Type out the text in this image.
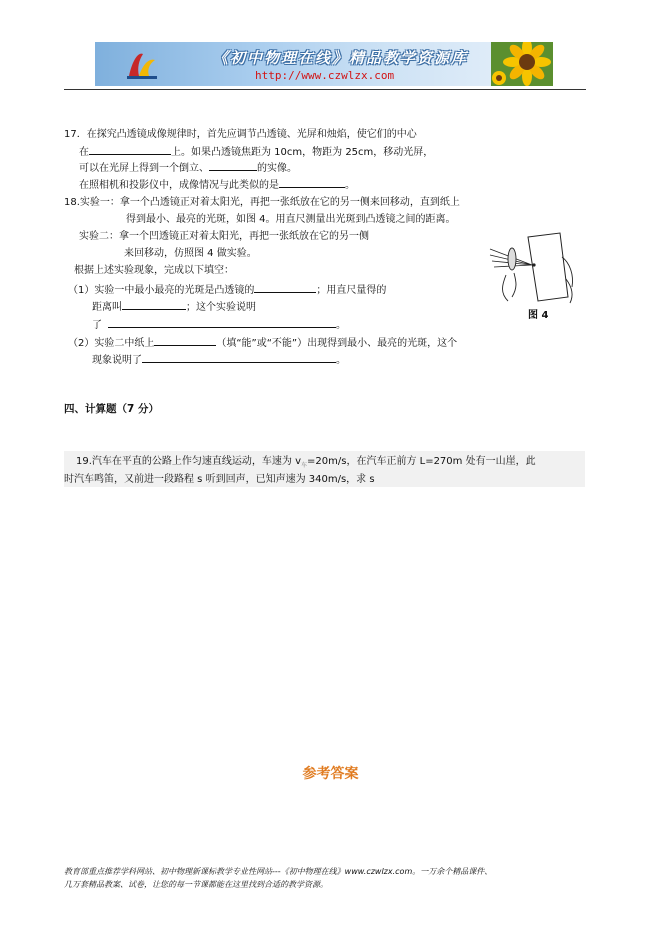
《初中物理在线》精品教学资源库
http://www.czwlzx.com
17．在探究凸透镜成像规律时，首先应调节凸透镜、光屏和烛焰，使它们的中心
在	上。如果凸透镜焦距为 10cm，物距为 25cm，移动光屏，
可以在光屏上得到一个倒立、	的实像。
在照相机和投影仪中，成像情况与此类似的是	。
18.实验一：拿一个凸透镜正对着太阳光，再把一张纸放在它的另一侧来回移动，直到纸上
得到最小、最亮的光斑，如图 4。用直尺测量出光斑到凸透镜之间的距离。
实验二：拿一个凹透镜正对着太阳光，再把一张纸放在它的另一侧
来回移动，仿照图 4 做实验。
根据上述实验现象，完成以下填空：
（1）实验一中最小最亮的光斑是凸透镜的	；用直尺量得的
距离叫	；这个实验说明
了	。
（2）实验二中纸上	（填“能”或“不能”）出现得到最小、最亮的光斑，这个
现象说明了	。
图 4
四、计算题（7 分）
19.汽车在平直的公路上作匀速直线运动，车速为 $v_车=20m/s$，在汽车正前方 L=270m 处有一山崖，此
时汽车鸣笛，又前进一段路程 s 听到回声，已知声速为 340m/s，求 s
参考答案
教育部重点推荐学科网站、初中物理新课标教学专业性网站---《初中物理在线》www.czwlzx.com。一万余个精品课件、
几万套精品教案、试卷，让您的每一节课都能在这里找到合适的教学资源。
